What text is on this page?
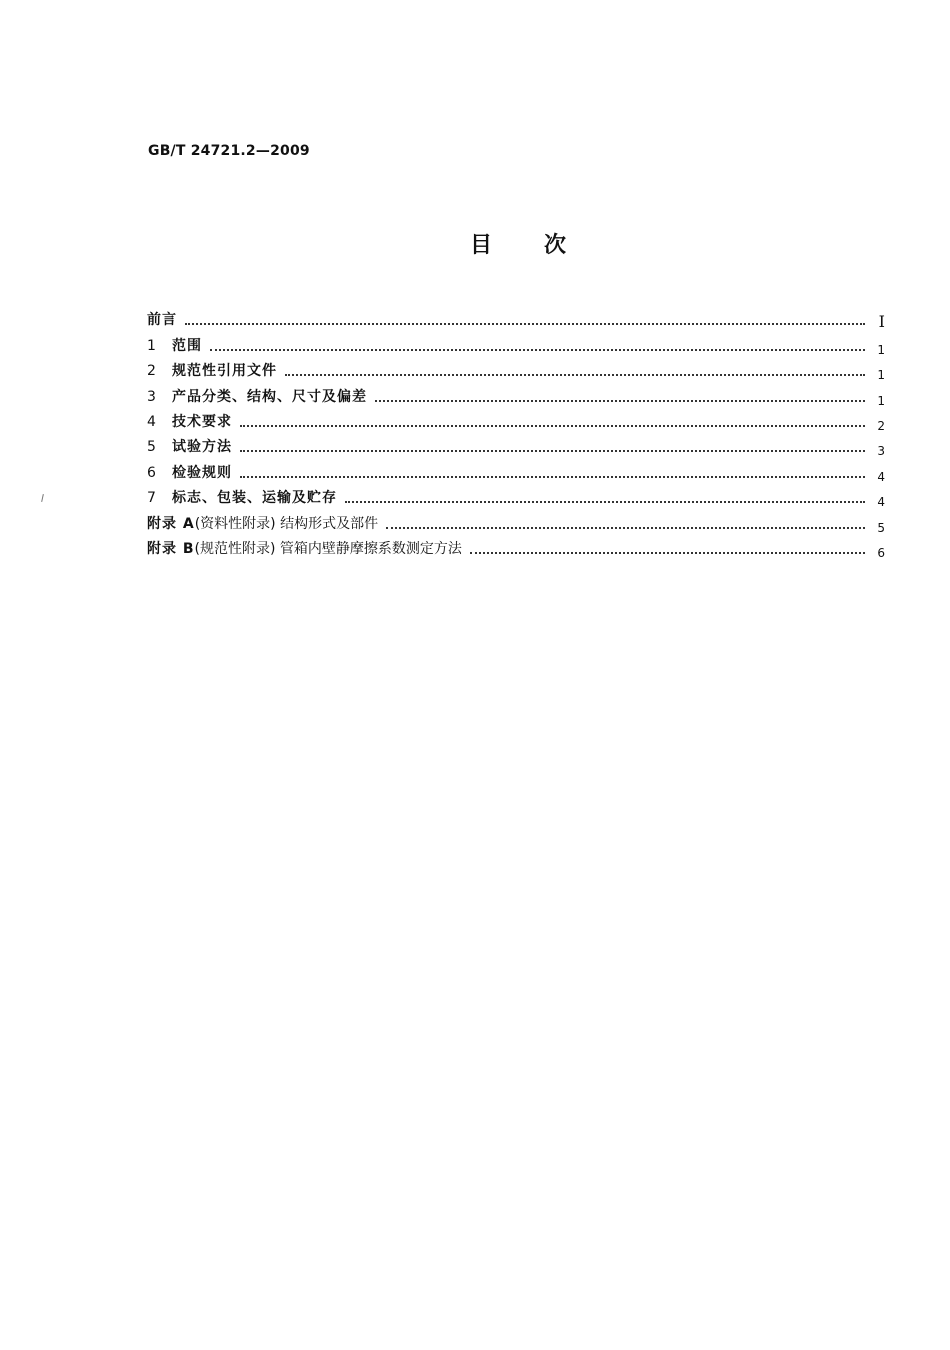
GB/T 24721.2—2009
目 次
前言	Ⅰ
1	范围	1
2	规范性引用文件	1
3	产品分类、结构、尺寸及偏差	1
4	技术要求	2
5	试验方法	3
6	检验规则	4
7	标志、包装、运输及贮存	4
附录 A(资料性附录) 结构形式及部件	5
附录 B(规范性附录) 管箱内壁静摩擦系数测定方法	6
